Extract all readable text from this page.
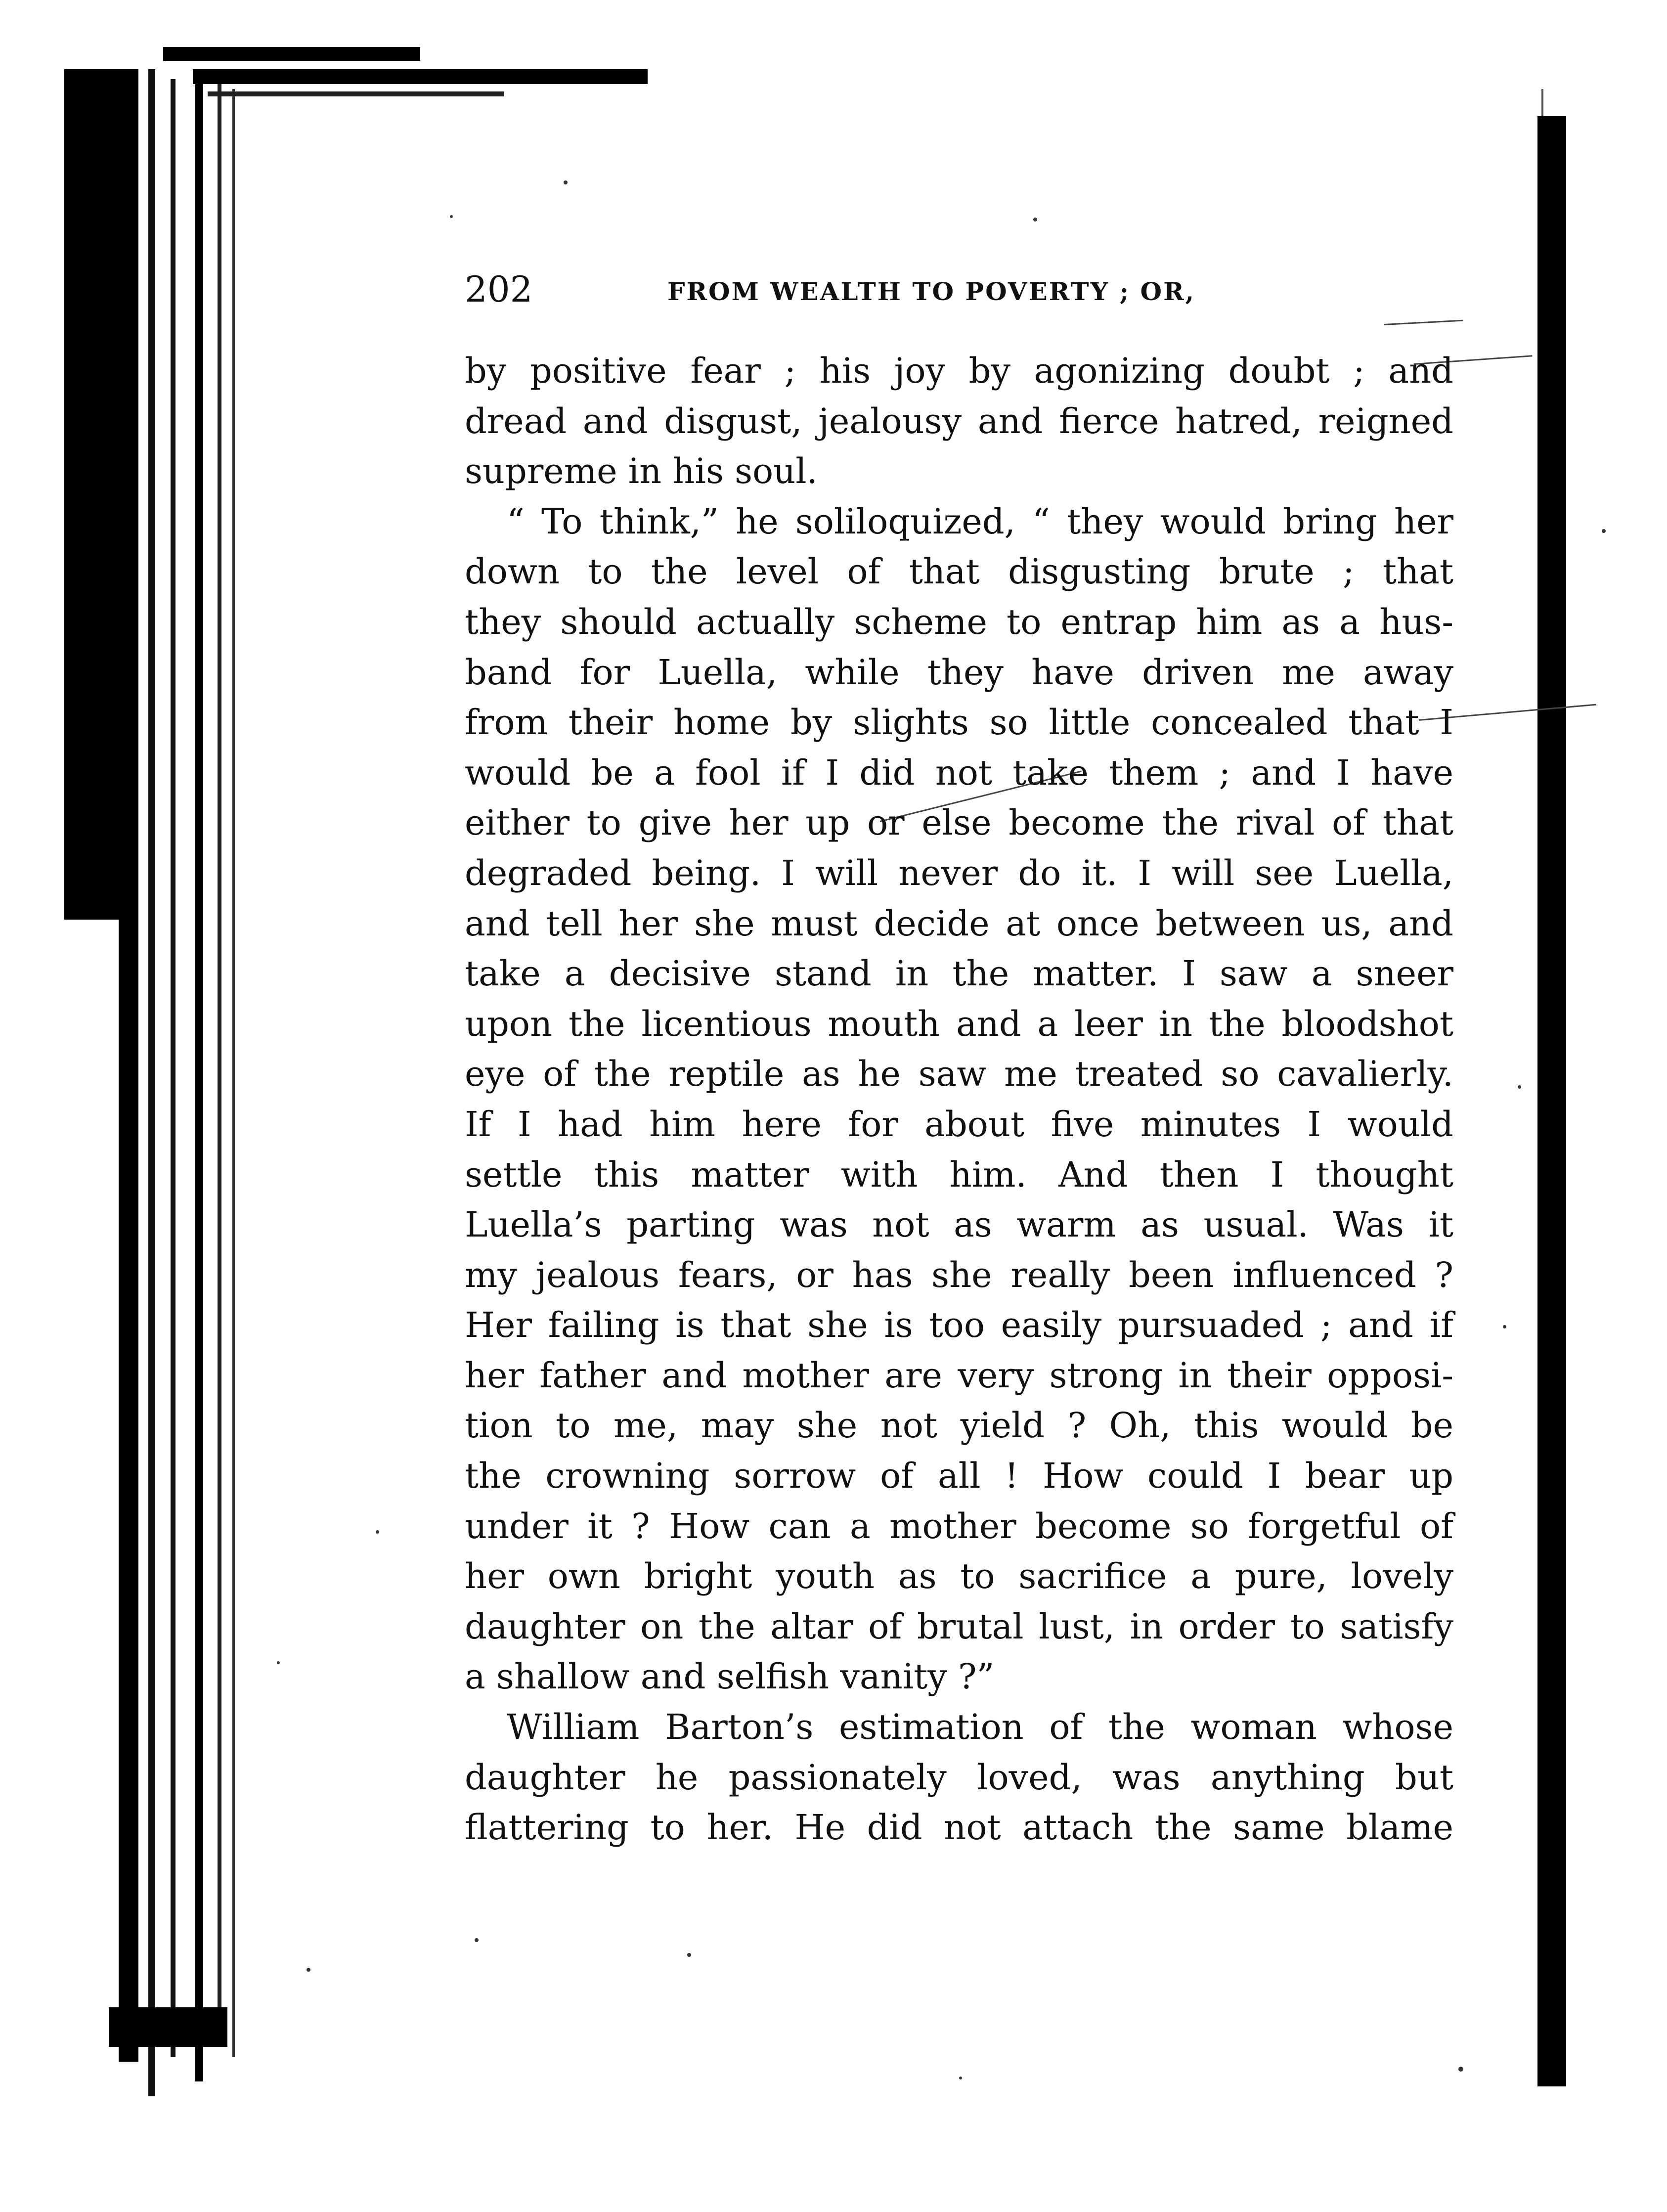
202	FROM WEALTH TO POVERTY ; OR,
by positive fear ; his joy by agonizing doubt ; and
dread and disgust, jealousy and fierce hatred, reigned
supreme in his soul.
“ To think,” he soliloquized, “ they would bring her
down to the level of that disgusting brute ; that
they should actually scheme to entrap him as a hus-
band for Luella, while they have driven me away
from their home by slights so little concealed that I
would be a fool if I did not take them ; and I have
either to give her up or else become the rival of that
degraded being. I will never do it. I will see Luella,
and tell her she must decide at once between us, and
take a decisive stand in the matter. I saw a sneer
upon the licentious mouth and a leer in the bloodshot
eye of the reptile as he saw me treated so cavalierly.
If I had him here for about five minutes I would
settle this matter with him. And then I thought
Luella’s parting was not as warm as usual. Was it
my jealous fears, or has she really been influenced ?
Her failing is that she is too easily pursuaded ; and if
her father and mother are very strong in their opposi-
tion to me, may she not yield ? Oh, this would be
the crowning sorrow of all ! How could I bear up
under it ? How can a mother become so forgetful of
her own bright youth as to sacrifice a pure, lovely
daughter on the altar of brutal lust, in order to satisfy
a shallow and selfish vanity ?”
William Barton’s estimation of the woman whose
daughter he passionately loved, was anything but
flattering to her. He did not attach the same blame
